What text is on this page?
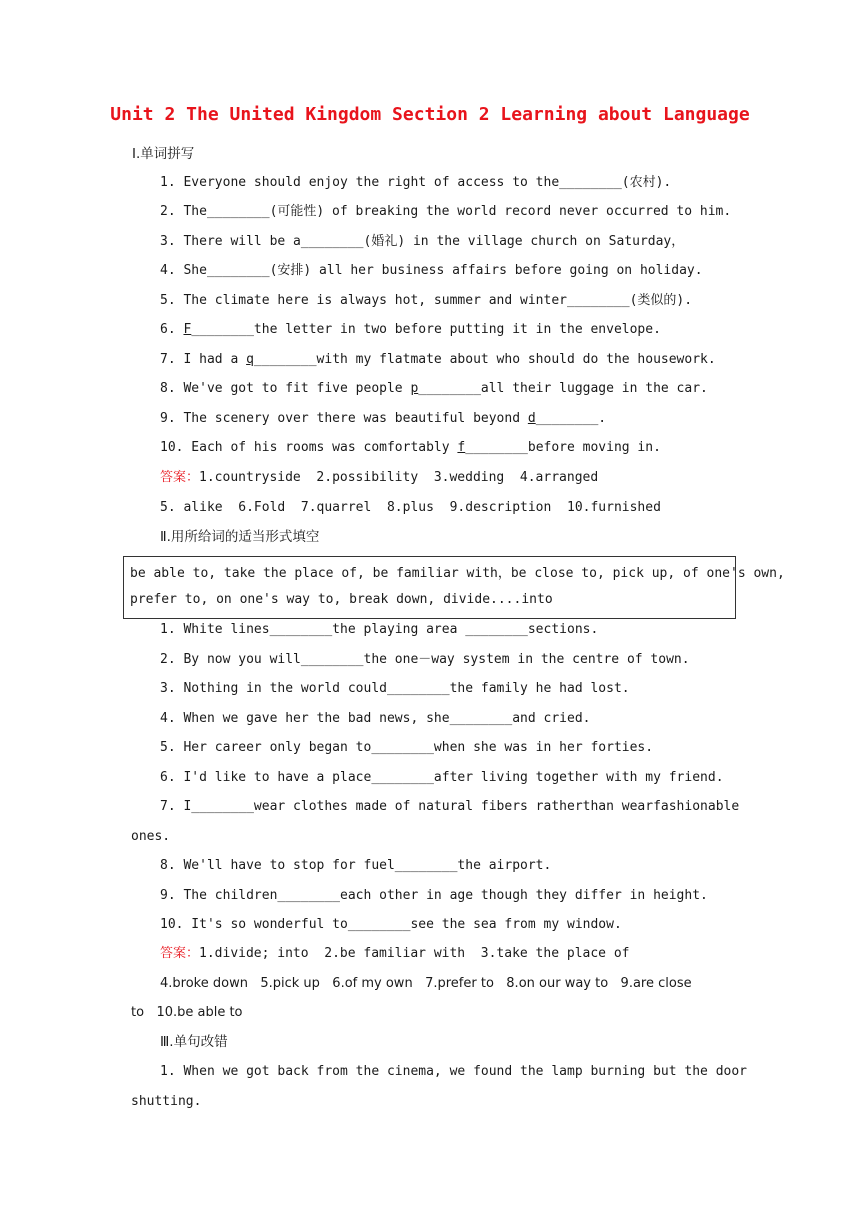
Unit 2 The United Kingdom Section 2 Learning about Language
Ⅰ.单词拼写
1. Everyone should enjoy the right of access to the________(农村).
2. The________(可能性) of breaking the world record never occurred to him.
3. There will be a________(婚礼) in the village church on Saturday，
4. She________(安排) all her business affairs before going on holiday.
5. The climate here is always hot, summer and winter________(类似的).
6. F________the letter in two before putting it in the envelope.
7. I had a q________with my flatmate about who should do the housework.
8. We've got to fit five people p________all their luggage in the car.
9. The scenery over there was beautiful beyond d________.
10. Each of his rooms was comfortably f________before moving in.
答案：1.countryside  2.possibility  3.wedding  4.arranged
5. alike  6.Fold  7.quarrel  8.plus  9.description  10.furnished
Ⅱ.用所给词的适当形式填空
be able to, take the place of, be familiar with，be close to, pick up, of one's own,
prefer to, on one's way to, break down, divide....into
1. White lines________the playing area ________sections.
2. By now you will________the one－way system in the centre of town.
3. Nothing in the world could________the family he had lost.
4. When we gave her the bad news, she________and cried.
5. Her career only began to________when she was in her forties.
6. I'd like to have a place________after living together with my friend.
7. I________wear clothes made of natural fibers ratherthan wearfashionable
ones.
8. We'll have to stop for fuel________the airport.
9. The children________each other in age though they differ in height.
10. It's so wonderful to________see the sea from my window.
答案：1.divide; into  2.be familiar with  3.take the place of
4.broke down   5.pick up   6.of my own   7.prefer to   8.on our way to   9.are close
to   10.be able to
Ⅲ.单句改错
1. When we got back from the cinema, we found the lamp burning but the door
shutting.
